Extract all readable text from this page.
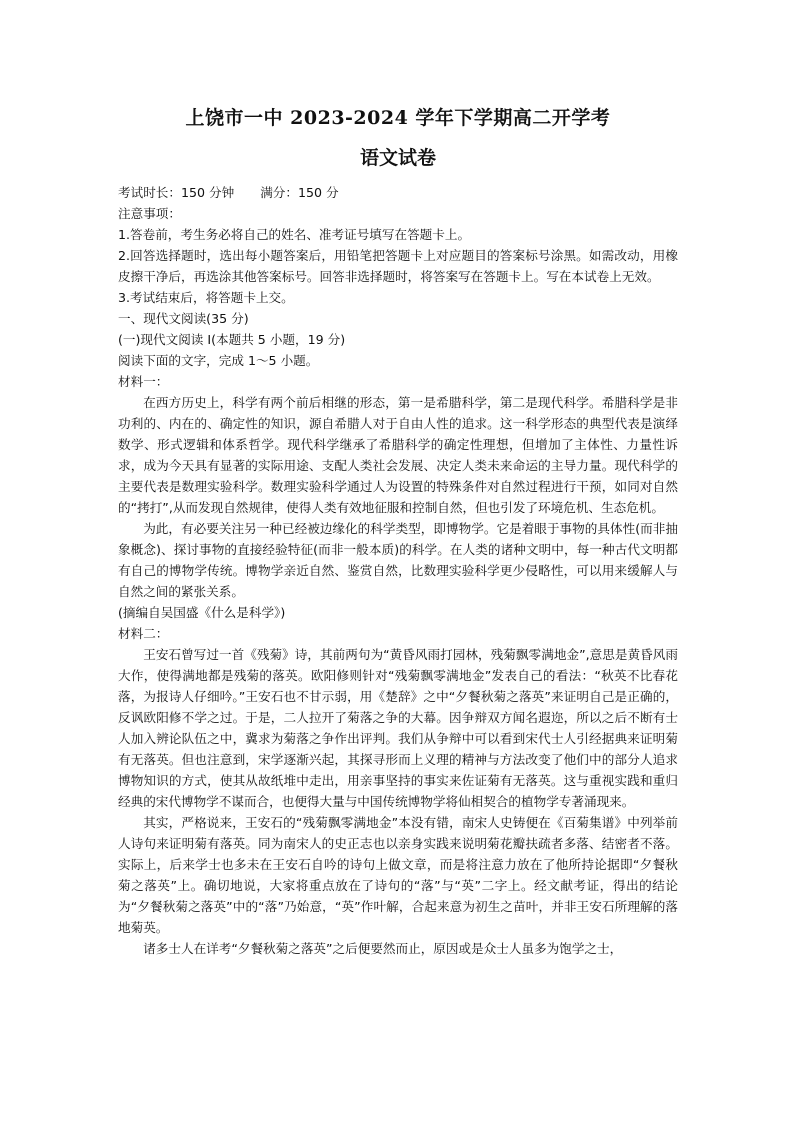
上饶市一中 2023-2024 学年下学期高二开学考
语文试卷

考试时长：150 分钟 满分：150 分

注意事项：

1.答卷前，考生务必将自己的姓名、准考证号填写在答题卡上。

2.回答选择题时，选出每小题答案后，用铅笔把答题卡上对应题目的答案标号涂黑。如需改动，用橡皮擦干净后，再选涂其他答案标号。回答非选择题时，将答案写在答题卡上。写在本试卷上无效。

3.考试结束后，将答题卡上交。

一、现代文阅读(35 分)

(一)现代文阅读 I(本题共 5 小题，19 分)

阅读下面的文字，完成 1～5 小题。

材料一：

在西方历史上，科学有两个前后相继的形态，第一是希腊科学，第二是现代科学。希腊科学是非功利的、内在的、确定性的知识，源自希腊人对于自由人性的追求。这一科学形态的典型代表是演绎数学、形式逻辑和体系哲学。现代科学继承了希腊科学的确定性理想，但增加了主体性、力量性诉求，成为今天具有显著的实际用途、支配人类社会发展、决定人类未来命运的主导力量。现代科学的主要代表是数理实验科学。数理实验科学通过人为设置的特殊条件对自然过程进行干预，如同对自然的“拷打”,从而发现自然规律，使得人类有效地征服和控制自然，但也引发了环境危机、生态危机。

为此，有必要关注另一种已经被边缘化的科学类型，即博物学。它是着眼于事物的具体性(而非抽象概念)、探讨事物的直接经验特征(而非一般本质)的科学。在人类的诸种文明中，每一种古代文明都有自己的博物学传统。博物学亲近自然、鉴赏自然，比数理实验科学更少侵略性，可以用来缓解人与自然之间的紧张关系。

(摘编自吴国盛《什么是科学》)

材料二：

王安石曾写过一首《残菊》诗，其前两句为“黄昏风雨打园林，残菊飘零满地金”,意思是黄昏风雨大作，使得满地都是残菊的落英。欧阳修则针对“残菊飘零满地金”发表自己的看法：“秋英不比春花落，为报诗人仔细吟。”王安石也不甘示弱，用《楚辞》之中“夕餐秋菊之落英”来证明自己是正确的，反讽欧阳修不学之过。于是，二人拉开了菊落之争的大幕。因争辩双方闻名遐迩，所以之后不断有士人加入辨论队伍之中，冀求为菊落之争作出评判。我们从争辩中可以看到宋代士人引经据典来证明菊有无落英。但也注意到，宋学逐渐兴起，其探寻形而上义理的精神与方法改变了他们中的部分人追求博物知识的方式，使其从故纸堆中走出，用亲事坚持的事实来佐证菊有无落英。这与重视实践和重归经典的宋代博物学不谋而合，也便得大量与中国传统博物学将仙相契合的植物学专著涌现来。

其实，严格说来，王安石的“残菊飘零满地金”本没有错，南宋人史铸便在《百菊集谱》中列举前人诗句来证明菊有落英。同为南宋人的史正志也以亲身实践来说明菊花瓣扶疏者多落、结密者不落。实际上，后来学士也多未在王安石自吟的诗句上做文章，而是将注意力放在了他所持论据即“夕餐秋菊之落英”上。确切地说，大家将重点放在了诗句的“落”与“英”二字上。经文献考证，得出的结论为“夕餐秋菊之落英”中的“落”乃始意，“英”作叶解，合起来意为初生之苗叶，并非王安石所理解的落地菊英。

诸多士人在详考“夕餐秋菊之落英”之后便要然而止，原因或是众士人虽多为饱学之士，
